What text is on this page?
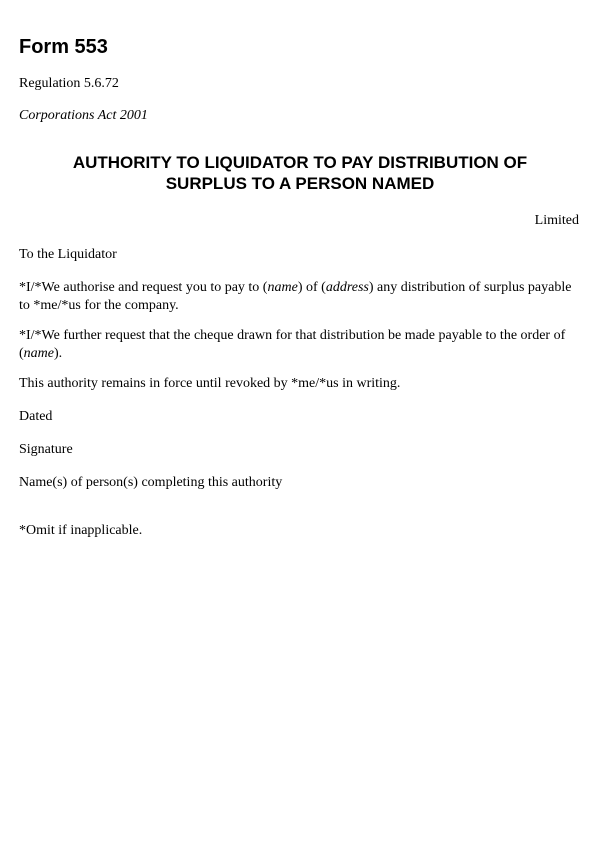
Form 553
Regulation 5.6.72
Corporations Act 2001
AUTHORITY TO LIQUIDATOR TO PAY DISTRIBUTION OF
SURPLUS TO A PERSON NAMED
Limited

To the Liquidator

*I/*We authorise and request you to pay to (name) of (address) any distribution of surplus payable to *me/*us for the company.

*I/*We further request that the cheque drawn for that distribution be made payable to the order of (name).

This authority remains in force until revoked by *me/*us in writing.

Dated

Signature

Name(s) of person(s) completing this authority

*Omit if inapplicable.
